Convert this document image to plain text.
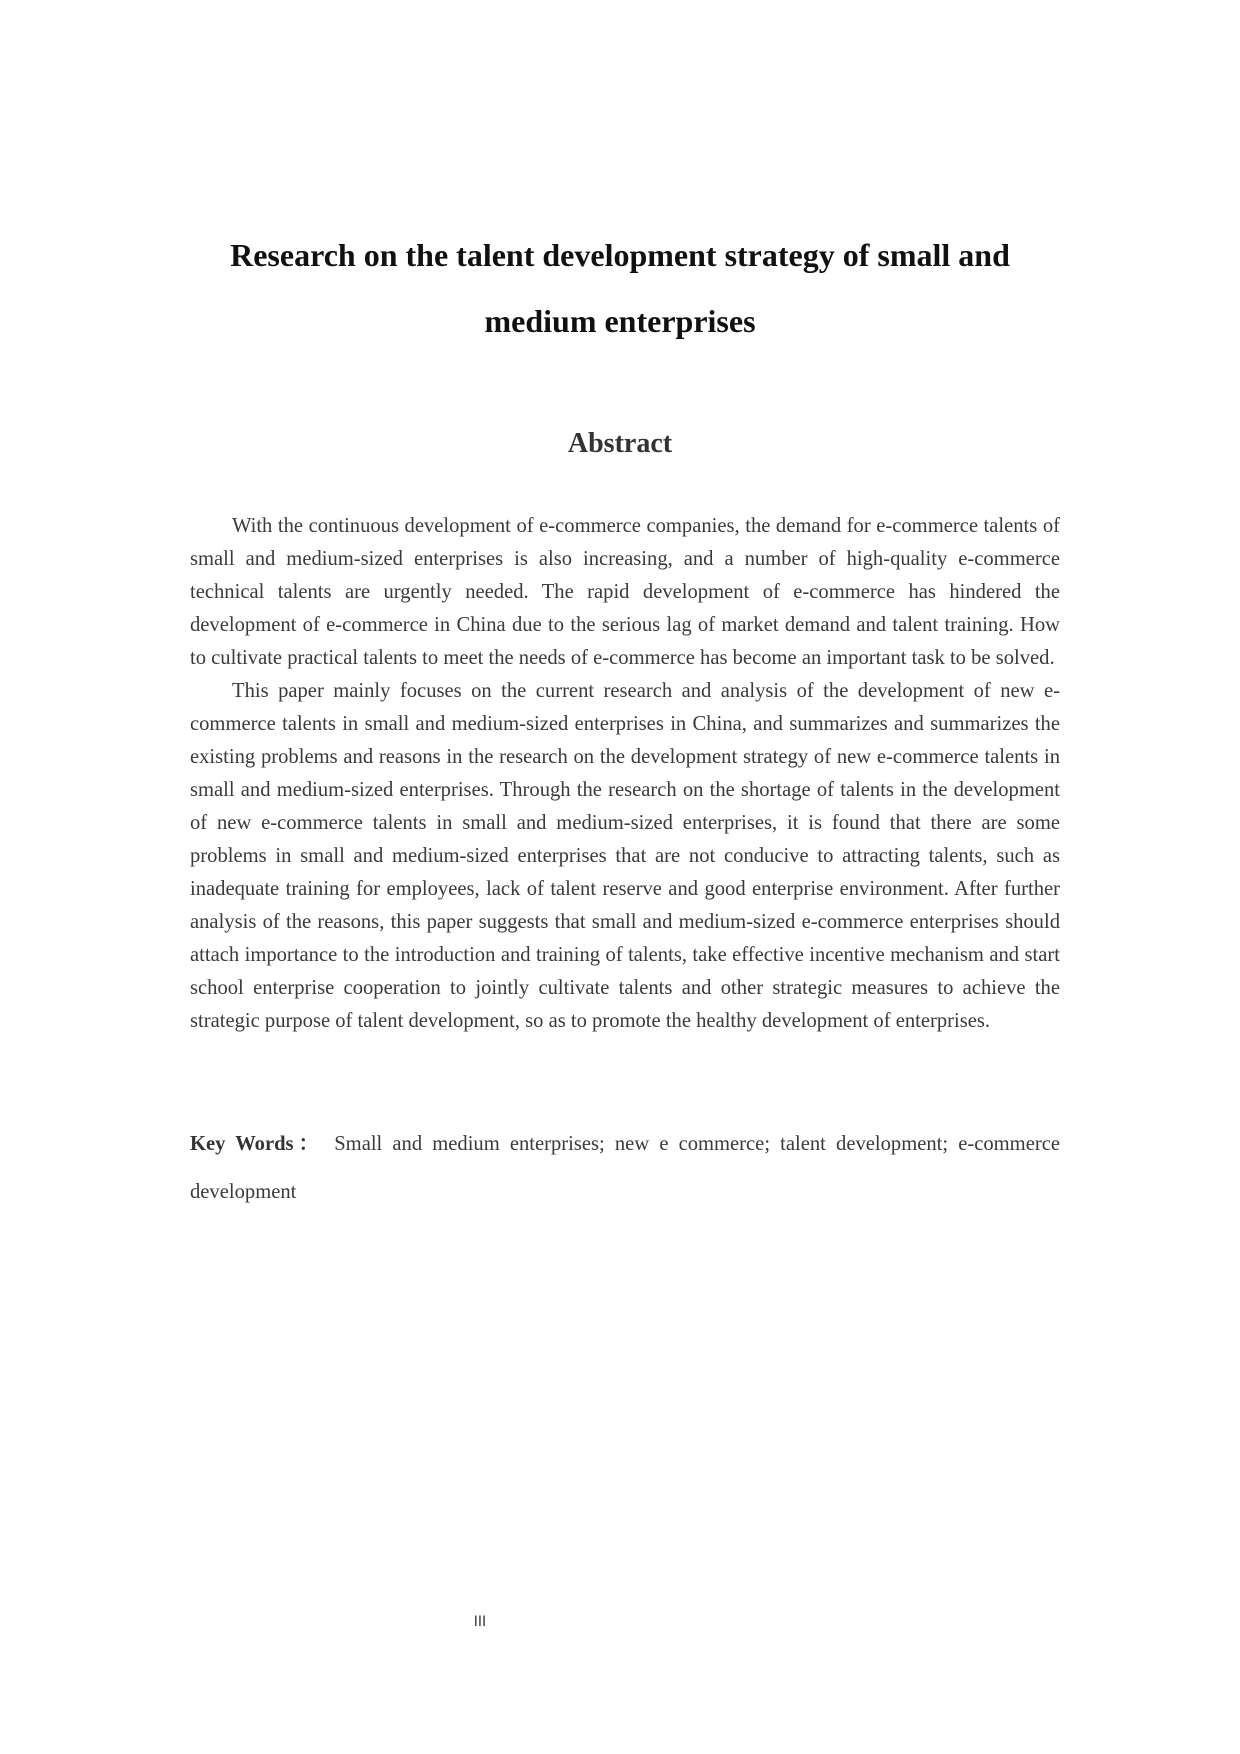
Research on the talent development strategy of small and
medium enterprises
Abstract

With the continuous development of e-commerce companies, the demand for e-commerce talents of small and medium-sized enterprises is also increasing, and a number of high-quality e-commerce technical talents are urgently needed. The rapid development of e-commerce has hindered the development of e-commerce in China due to the serious lag of market demand and talent training. How to cultivate practical talents to meet the needs of e-commerce has become an important task to be solved.

This paper mainly focuses on the current research and analysis of the development of new e-commerce talents in small and medium-sized enterprises in China, and summarizes and summarizes the existing problems and reasons in the research on the development strategy of new e-commerce talents in small and medium-sized enterprises. Through the research on the shortage of talents in the development of new e-commerce talents in small and medium-sized enterprises, it is found that there are some problems in small and medium-sized enterprises that are not conducive to attracting talents, such as inadequate training for employees, lack of talent reserve and good enterprise environment. After further analysis of the reasons, this paper suggests that small and medium-sized e-commerce enterprises should attach importance to the introduction and training of talents, take effective incentive mechanism and start school enterprise cooperation to jointly cultivate talents and other strategic measures to achieve the strategic purpose of talent development, so as to promote the healthy development of enterprises.

Key Words： Small and medium enterprises; new e commerce; talent development; e-commerce development

III
